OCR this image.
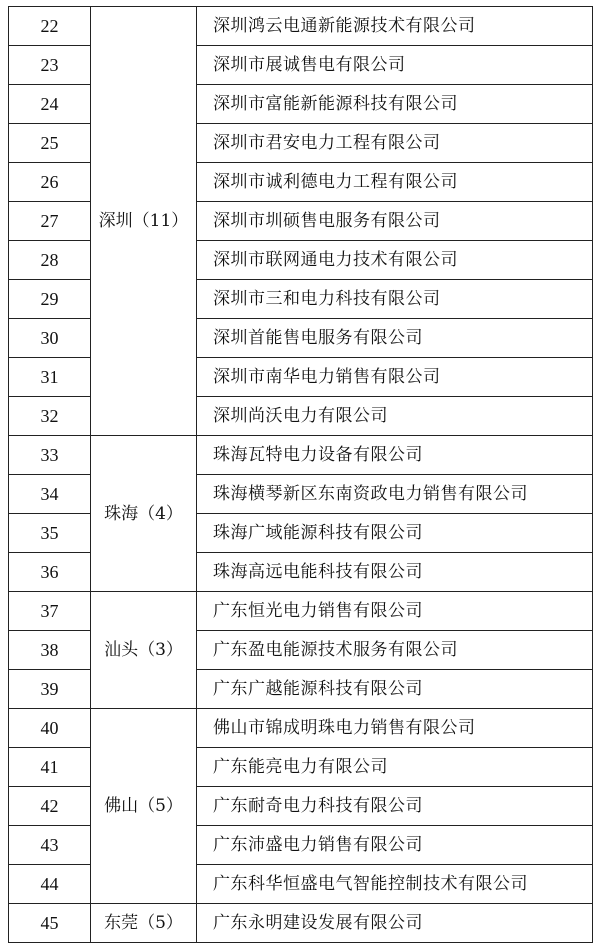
22	深圳（11）	深圳鸿云电通新能源技术有限公司
23		深圳市展诚售电有限公司
24		深圳市富能新能源科技有限公司
25		深圳市君安电力工程有限公司
26		深圳市诚利德电力工程有限公司
27		深圳市圳硕售电服务有限公司
28		深圳市联网通电力技术有限公司
29		深圳市三和电力科技有限公司
30		深圳首能售电服务有限公司
31		深圳市南华电力销售有限公司
32		深圳尚沃电力有限公司
33	珠海（4）	珠海瓦特电力设备有限公司
34		珠海横琴新区东南资政电力销售有限公司
35		珠海广域能源科技有限公司
36		珠海高远电能科技有限公司
37	汕头（3）	广东恒光电力销售有限公司
38		广东盈电能源技术服务有限公司
39		广东广越能源科技有限公司
40	佛山（5）	佛山市锦成明珠电力销售有限公司
41		广东能亮电力有限公司
42		广东耐奇电力科技有限公司
43		广东沛盛电力销售有限公司
44		广东科华恒盛电气智能控制技术有限公司
45	东莞（5）	广东永明建设发展有限公司
